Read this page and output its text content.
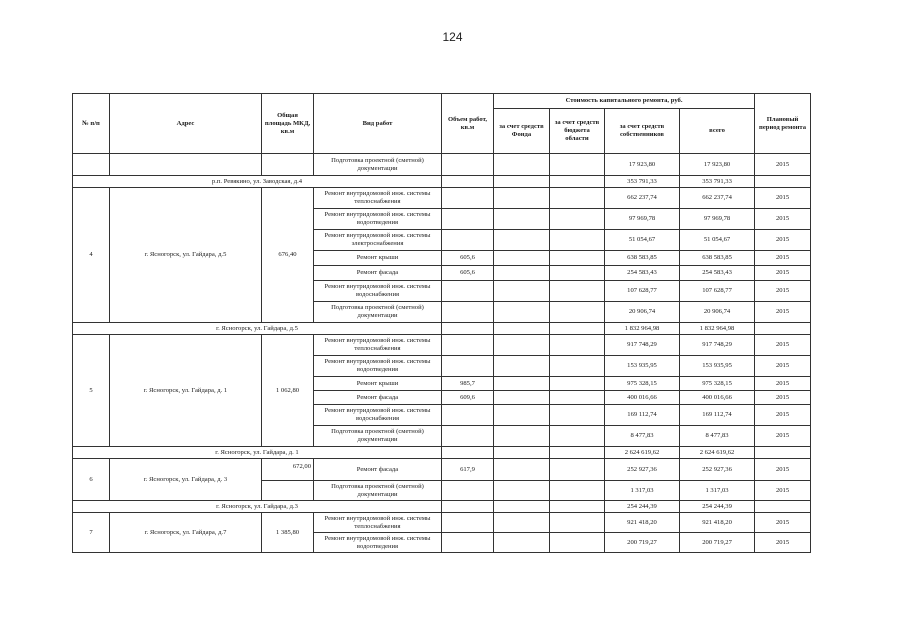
124
№ п/п	Адрес	Общая площадь МКД, кв.м	Вид работ	Объем работ, кв.м	Стоимость капитального ремонта, руб.				Плановый период ремонта
					за счет средств Фонда	за счет средств бюджета области	за счет средств собственников	всего	
			Подготовка проектной (сметной) документации				17 923,80	17 923,80	2015
р.п. Ревякино, ул. Заводская, д.4							353 791,33	353 791,33	
4	г. Ясногорск, ул. Гайдара, д.5	676,40	Ремонт внутридомовой инж. системы теплоснабжения				662 237,74	662 237,74	2015
			Ремонт внутридомовой инж. системы водоотведения				97 969,78	97 969,78	2015
			Ремонт внутридомовой инж. системы электроснабжения				51 054,67	51 054,67	2015
			Ремонт крыши	605,6			638 583,85	638 583,85	2015
			Ремонт фасада	605,6			254 583,43	254 583,43	2015
			Ремонт внутридомовой инж. системы водоснабжения				107 628,77	107 628,77	2015
			Подготовка проектной (сметной) документации				20 906,74	20 906,74	2015
г. Ясногорск, ул. Гайдара, д.5							1 832 964,98	1 832 964,98	
5	г. Ясногорск, ул. Гайдара, д. 1	1 062,80	Ремонт внутридомовой инж. системы теплоснабжения				917 748,29	917 748,29	2015
			Ремонт внутридомовой инж. системы водоотведения				153 935,95	153 935,95	2015
			Ремонт крыши	985,7			975 328,15	975 328,15	2015
			Ремонт фасада	609,6			400 016,66	400 016,66	2015
			Ремонт внутридомовой инж. системы водоснабжения				169 112,74	169 112,74	2015
			Подготовка проектной (сметной) документации				8 477,83	8 477,83	2015
г. Ясногорск, ул. Гайдара, д. 1							2 624 619,62	2 624 619,62	
6	г. Ясногорск, ул. Гайдара, д. 3	672,00	Ремонт фасада	617,9			252 927,36	252 927,36	2015
			Подготовка проектной (сметной) документации				1 317,03	1 317,03	2015
г. Ясногорск, ул. Гайдара, д.3							254 244,39	254 244,39	
7	г. Ясногорск, ул. Гайдара, д.7	1 385,80	Ремонт внутридомовой инж. системы теплоснабжения				921 418,20	921 418,20	2015
			Ремонт внутридомовой инж. системы водоотведения				200 719,27	200 719,27	2015
